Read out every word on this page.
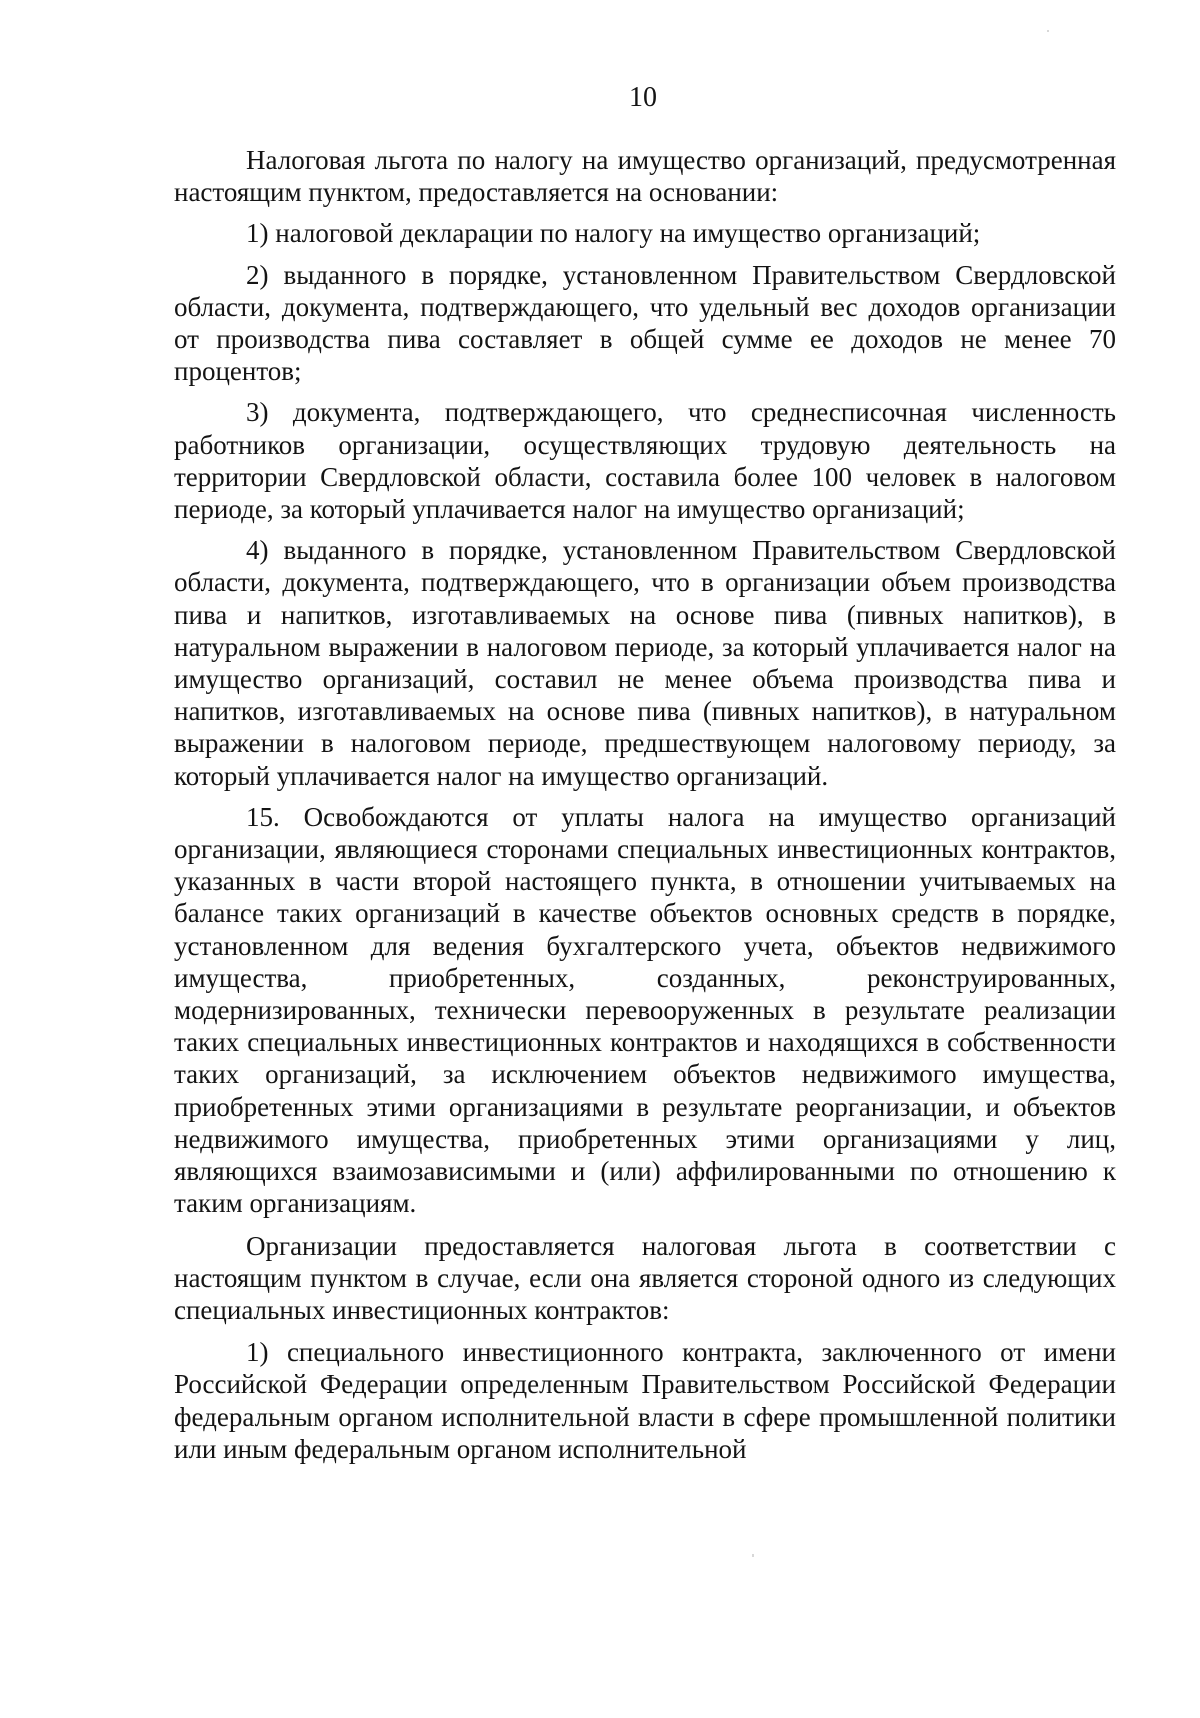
10

Налоговая льгота по налогу на имущество организаций, предусмотренная настоящим пунктом, предоставляется на основании:

1) налоговой декларации по налогу на имущество организаций;

2) выданного в порядке, установленном Правительством Свердловской области, документа, подтверждающего, что удельный вес доходов организации от производства пива составляет в общей сумме ее доходов не менее 70 процентов;

3) документа, подтверждающего, что среднесписочная численность работников организации, осуществляющих трудовую деятельность на территории Свердловской области, составила более 100 человек в налоговом периоде, за который уплачивается налог на имущество организаций;

4) выданного в порядке, установленном Правительством Свердловской области, документа, подтверждающего, что в организации объем производства пива и напитков, изготавливаемых на основе пива (пивных напитков), в натуральном выражении в налоговом периоде, за который уплачивается налог на имущество организаций, составил не менее объема производства пива и напитков, изготавливаемых на основе пива (пивных напитков), в натуральном выражении в налоговом периоде, предшествующем налоговому периоду, за который уплачивается налог на имущество организаций.

15. Освобождаются от уплаты налога на имущество организаций организации, являющиеся сторонами специальных инвестиционных контрактов, указанных в части второй настоящего пункта, в отношении учитываемых на балансе таких организаций в качестве объектов основных средств в порядке, установленном для ведения бухгалтерского учета, объектов недвижимого имущества, приобретенных, созданных, реконструированных, модернизированных, технически перевооруженных в результате реализации таких специальных инвестиционных контрактов и находящихся в собственности таких организаций, за исключением объектов недвижимого имущества, приобретенных этими организациями в результате реорганизации, и объектов недвижимого имущества, приобретенных этими организациями у лиц, являющихся взаимозависимыми и (или) аффилированными по отношению к таким организациям.

Организации предоставляется налоговая льгота в соответствии с настоящим пунктом в случае, если она является стороной одного из следующих специальных инвестиционных контрактов:

1) специального инвестиционного контракта, заключенного от имени Российской Федерации определенным Правительством Российской Федерации федеральным органом исполнительной власти в сфере промышленной политики или иным федеральным органом исполнительной
